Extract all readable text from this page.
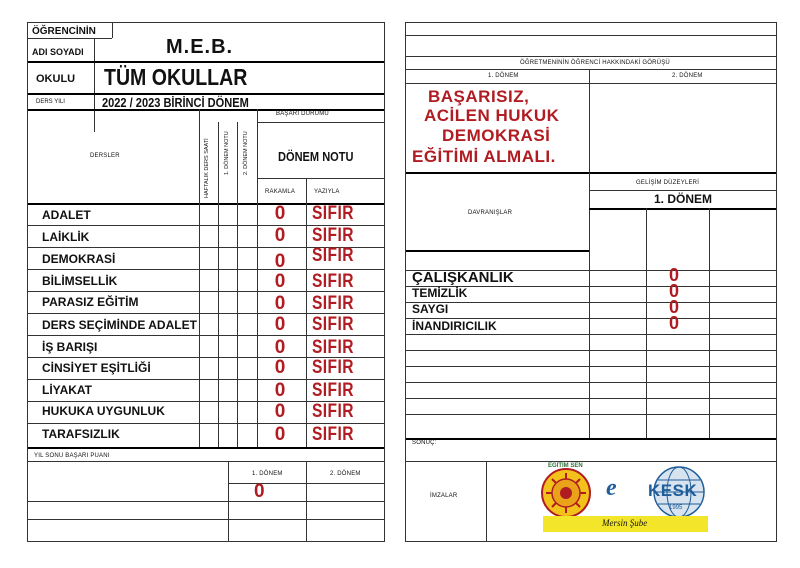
ÖĞRENCİNİN
ADI SOYADI	M.E.B.
OKULU TÜM OKULLAR
DERS YILI	2022 / 2023 BİRİNCİ DÖNEM
BAŞARI DURUMU
DERSLER	HAFTALIK DERS SAATİ	1. DÖNEM NOTU 2. DÖNEM NOTU DÖNEM NOTU
RAKAMLA	YAZIYLA
ADALET	0 SIFIR
LAİKLİK	0 SIFIR
DEMOKRASİ	0 SIFIR
BİLİMSELLİK	0 SIFIR
PARASIZ EĞİTİM	0 SIFIR
DERS SEÇİMİNDE ADALET	0 SIFIR
İŞ BARIŞI	0 SIFIR
CİNSİYET EŞİTLİĞİ	0 SIFIR
LİYAKAT	0 SIFIR
HUKUKA UYGUNLUK	0 SIFIR
TARAFSIZLIK	0 SIFIR
YIL SONU BAŞARI PUANI
1. DÖNEM	2. DÖNEM
0
ÖĞRETMENİNİN ÖĞRENCİ HAKKINDAKİ GÖRÜŞÜ
1. DÖNEM	2. DÖNEM
BAŞARISIZ,
ACİLEN HUKUK
DEMOKRASİ
EĞİTİMİ ALMALI.
GELİŞİM DÜZEYLERİ
1. DÖNEM
DAVRANIŞLAR
ÇALIŞKANLIK	0
TEMİZLİK	0
SAYGI	0
İNANDIRICILIK	0
SONUÇ:
İMZALAR
EĞİTİM SEN
e KESK
1995
Mersin Şube
